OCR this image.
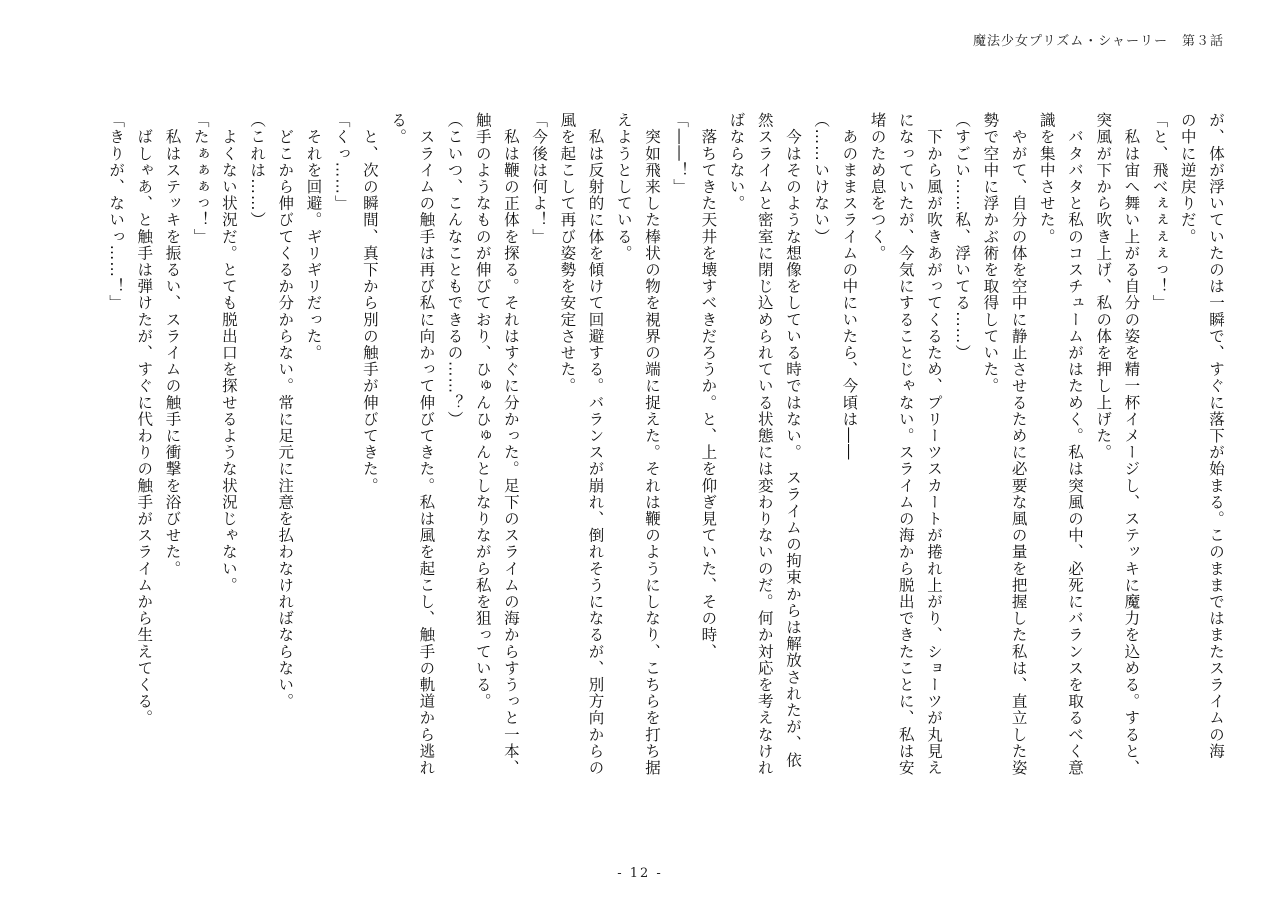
魔法少女プリズム・シャーリー　第３話
が、体が浮いていたのは一瞬で、すぐに落下が始まる。このままではまたスライムの海
の中に逆戻りだ。
「と、飛べぇぇぇぇっ！」
　私は宙へ舞い上がる自分の姿を精一杯イメージし、ステッキに魔力を込める。すると、
突風が下から吹き上げ、私の体を押し上げた。
　バタバタと私のコスチュームがはためく。私は突風の中、必死にバランスを取るべく意
識を集中させた。
　やがて、自分の体を空中に静止させるために必要な風の量を把握した私は、直立した姿
勢で空中に浮かぶ術を取得していた。
（すごい……私、浮いてる……）
　下から風が吹きあがってくるため、プリーツスカートが捲れ上がり、ショーツが丸見え
になっていたが、今気にすることじゃない。スライムの海から脱出できたことに、私は安
堵のため息をつく。
　あのままスライムの中にいたら、今頃は――
（……いけない）
　今はそのような想像をしている時ではない。　スライムの拘束からは解放されたが、依
然スライムと密室に閉じ込められている状態には変わりないのだ。何か対応を考えなけれ
ばならない。
　落ちてきた天井を壊すべきだろうか。と、上を仰ぎ見ていた、その時、
「――！」
　突如飛来した棒状の物を視界の端に捉えた。それは鞭のようにしなり、こちらを打ち据
えようとしている。
　私は反射的に体を傾けて回避する。バランスが崩れ、倒れそうになるが、別方向からの
風を起こして再び姿勢を安定させた。
「今後は何よ！」
　私は鞭の正体を探る。それはすぐに分かった。足下のスライムの海からすうっと一本、
触手のようなものが伸びており、ひゅんひゅんとしなりながら私を狙っている。
（こいつ、こんなこともできるの……？）
　スライムの触手は再び私に向かって伸びてきた。私は風を起こし、触手の軌道から逃れ
る。
　と、次の瞬間、真下から別の触手が伸びてきた。
「くっ……」
　それを回避。ギリギリだった。
　どこから伸びてくるか分からない。常に足元に注意を払わなければならない。
（これは……）
　よくない状況だ。とても脱出口を探せるような状況じゃない。
「たぁぁぁっ！」
　私はステッキを振るい、スライムの触手に衝撃を浴びせた。
　ばしゃあ、と触手は弾けたが、すぐに代わりの触手がスライムから生えてくる。
「きりが、ないっ……！」
- 12 -
